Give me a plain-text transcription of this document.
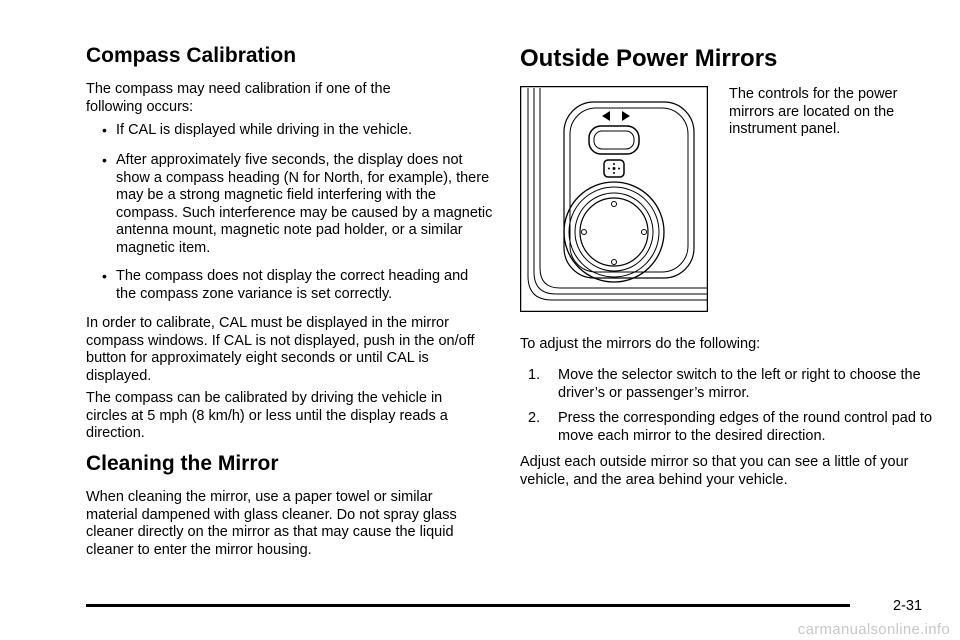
Compass Calibration

The compass may need calibration if one of the following occurs:

• If CAL is displayed while driving in the vehicle.
• After approximately five seconds, the display does not show a compass heading (N for North, for example), there may be a strong magnetic field interfering with the compass. Such interference may be caused by a magnetic antenna mount, magnetic note pad holder, or a similar magnetic item.
• The compass does not display the correct heading and the compass zone variance is set correctly.

In order to calibrate, CAL must be displayed in the mirror compass windows. If CAL is not displayed, push in the on/off button for approximately eight seconds or until CAL is displayed.

The compass can be calibrated by driving the vehicle in circles at 5 mph (8 km/h) or less until the display reads a direction.

Cleaning the Mirror

When cleaning the mirror, use a paper towel or similar material dampened with glass cleaner. Do not spray glass cleaner directly on the mirror as that may cause the liquid cleaner to enter the mirror housing.

Outside Power Mirrors

The controls for the power mirrors are located on the instrument panel.

To adjust the mirrors do the following:

1. Move the selector switch to the left or right to choose the driver’s or passenger’s mirror.
2. Press the corresponding edges of the round control pad to move each mirror to the desired direction.

Adjust each outside mirror so that you can see a little of your vehicle, and the area behind your vehicle.

2-31
carmanualsonline.info
